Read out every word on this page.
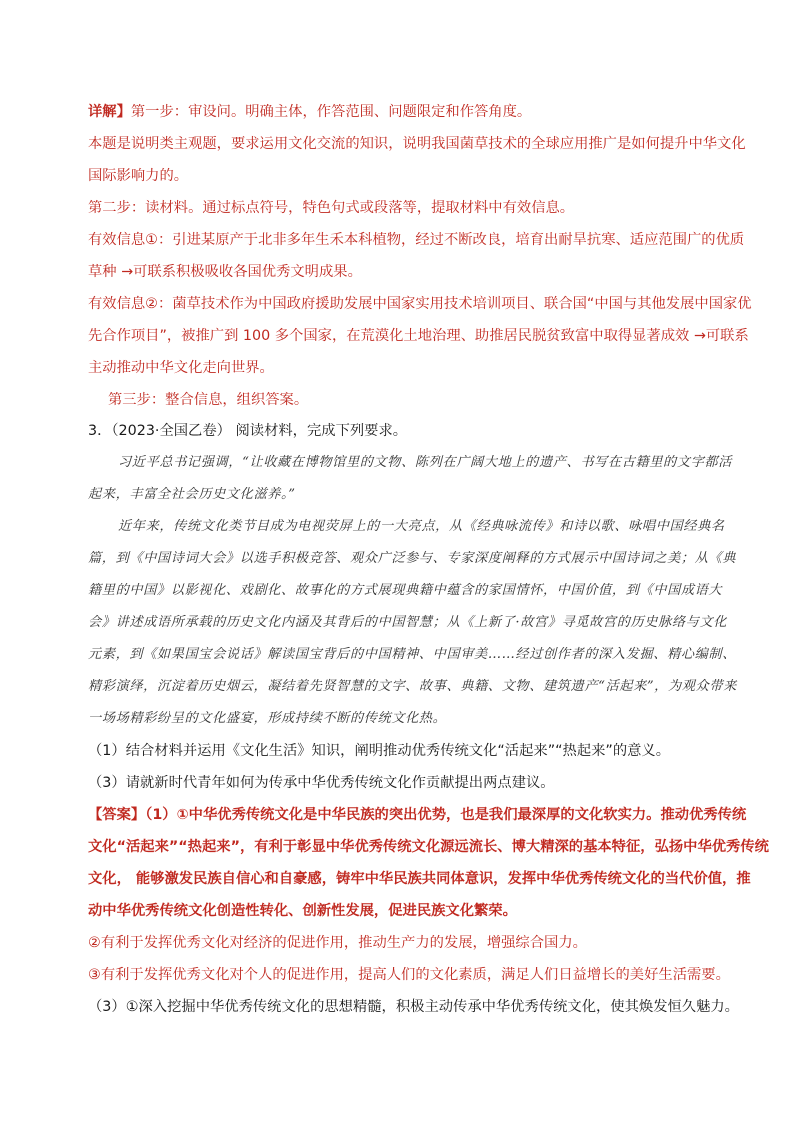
详解】第一步：审设问。明确主体，作答范围、问题限定和作答角度。
本题是说明类主观题，要求运用文化交流的知识，说明我国菌草技术的全球应用推广是如何提升中华文化
国际影响力的。
第二步：读材料。通过标点符号，特色句式或段落等，提取材料中有效信息。
有效信息①：引进某原产于北非多年生禾本科植物，经过不断改良，培育出耐旱抗寒、适应范围广的优质
草种 →可联系积极吸收各国优秀文明成果。
有效信息②：菌草技术作为中国政府援助发展中国家实用技术培训项目、联合国“中国与其他发展中国家优
先合作项目”，被推广到 100 多个国家，在荒漠化土地治理、助推居民脱贫致富中取得显著成效 →可联系
主动推动中华文化走向世界。
第三步：整合信息，组织答案。
3．（2023·全国乙卷） 阅读材料，完成下列要求。
习近平总书记强调，“让收藏在博物馆里的文物、陈列在广阔大地上的遗产、书写在古籍里的文字都活
起来，丰富全社会历史文化滋养。”
近年来，传统文化类节目成为电视荧屏上的一大亮点，从《经典咏流传》和诗以歌、咏唱中国经典名
篇，到《中国诗词大会》以选手积极竞答、观众广泛参与、专家深度阐释的方式展示中国诗词之美；从《典
籍里的中国》以影视化、戏剧化、故事化的方式展现典籍中蕴含的家国情怀，中国价值，到《中国成语大
会》讲述成语所承载的历史文化内涵及其背后的中国智慧；从《上新了·故宫》寻觅故宫的历史脉络与文化
元素，到《如果国宝会说话》解读国宝背后的中国精神、中国审美……经过创作者的深入发掘、精心编制、
精彩演绎，沉淀着历史烟云，凝结着先贤智慧的文字、故事、典籍、文物、建筑遗产“活起来”，为观众带来
一场场精彩纷呈的文化盛宴，形成持续不断的传统文化热。
（1）结合材料并运用《文化生活》知识，阐明推动优秀传统文化“活起来”“热起来”的意义。
（3）请就新时代青年如何为传承中华优秀传统文化作贡献提出两点建议。
【答案】（1）①中华优秀传统文化是中华民族的突出优势，也是我们最深厚的文化软实力。推动优秀传统
文化“活起来”“热起来”，有利于彰显中华优秀传统文化源远流长、博大精深的基本特征，弘扬中华优秀传统
文化， 能够激发民族自信心和自豪感，铸牢中华民族共同体意识，发挥中华优秀传统文化的当代价值，推
动中华优秀传统文化创造性转化、创新性发展，促进民族文化繁荣。
②有利于发挥优秀文化对经济的促进作用，推动生产力的发展，增强综合国力。
③有利于发挥优秀文化对个人的促进作用，提高人们的文化素质，满足人们日益增长的美好生活需要。
（3）①深入挖掘中华优秀传统文化的思想精髓，积极主动传承中华优秀传统文化，使其焕发恒久魅力。
